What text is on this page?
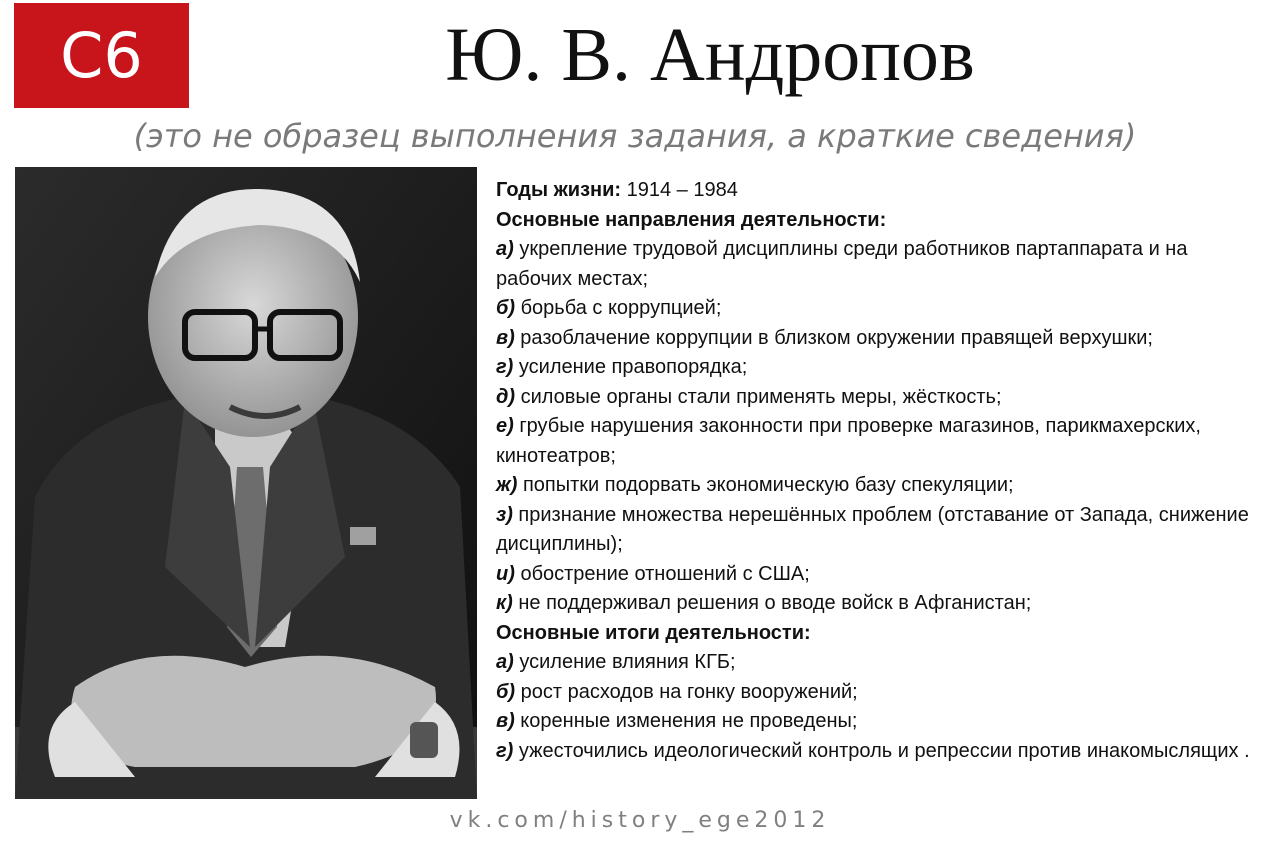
С6	Ю. В. Андропов
(это не образец выполнения задания, а краткие сведения)

Годы жизни: 1914 – 1984

Основные направления деятельности:

а) укрепление трудовой дисциплины среди работников партаппарата и на рабочих местах;

б) борьба с коррупцией;

в) разоблачение коррупции в близком окружении правящей верхушки;

г) усиление правопорядка;

д) силовые органы стали применять меры, жёсткость;

е) грубые нарушения законности при проверке магазинов, парикмахерских, кинотеатров;

ж) попытки подорвать экономическую базу спекуляции;

з) признание множества нерешённых проблем (отставание от Запада, снижение дисциплины);

и) обострение отношений с США;

к) не поддерживал решения о вводе войск в Афганистан;

Основные итоги деятельности:

а) усиление влияния КГБ;

б) рост расходов на гонку вооружений;

в) коренные изменения не проведены;

г) ужесточились идеологический контроль и репрессии против инакомыслящих .

vk.com/history_ege2012
